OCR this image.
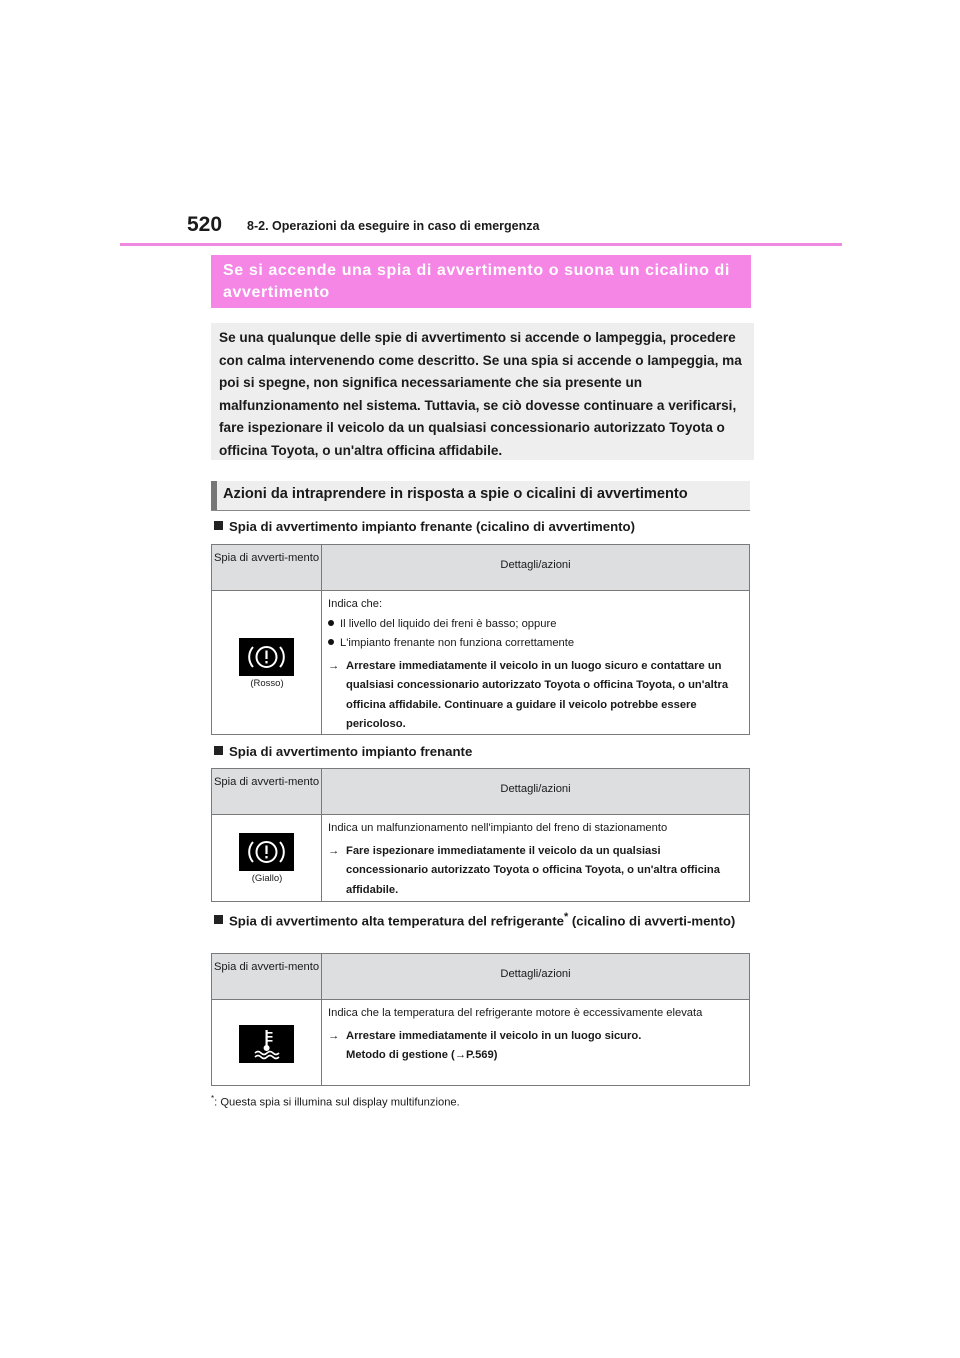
520 8-2. Operazioni da eseguire in caso di emergenza
Se si accende una spia di avvertimento o suona un cicalino di avvertimento
Se una qualunque delle spie di avvertimento si accende o lampeggia, procedere con calma intervenendo come descritto. Se una spia si accende o lampeggia, ma poi si spegne, non significa necessariamente che sia presente un malfunzionamento nel sistema. Tuttavia, se ciò dovesse continuare a verificarsi, fare ispezionare il veicolo da un qualsiasi concessionario autorizzato Toyota o officina Toyota, o un'altra officina affidabile.
Azioni da intraprendere in risposta a spie o cicalini di avvertimento
Spia di avvertimento impianto frenante (cicalino di avvertimento)
Spia di avverti-mento
Dettagli/azioni
(Rosso)
Indica che:
Il livello del liquido dei freni è basso; oppure
L'impianto frenante non funziona correttamente
→ Arrestare immediatamente il veicolo in un luogo sicuro e contattare un qualsiasi concessionario autorizzato Toyota o officina Toyota, o un'altra officina affidabile. Continuare a guidare il veicolo potrebbe essere pericoloso.
Spia di avvertimento impianto frenante
Spia di avverti-mento
Dettagli/azioni
(Giallo)
Indica un malfunzionamento nell'impianto del freno di stazionamento
→ Fare ispezionare immediatamente il veicolo da un qualsiasi concessionario autorizzato Toyota o officina Toyota, o un'altra officina affidabile.
Spia di avvertimento alta temperatura del refrigerante* (cicalino di avverti-mento)
Spia di avverti-mento
Dettagli/azioni
Indica che la temperatura del refrigerante motore è eccessivamente elevata
→ Arrestare immediatamente il veicolo in un luogo sicuro.
Metodo di gestione (→P.569)
*: Questa spia si illumina sul display multifunzione.
